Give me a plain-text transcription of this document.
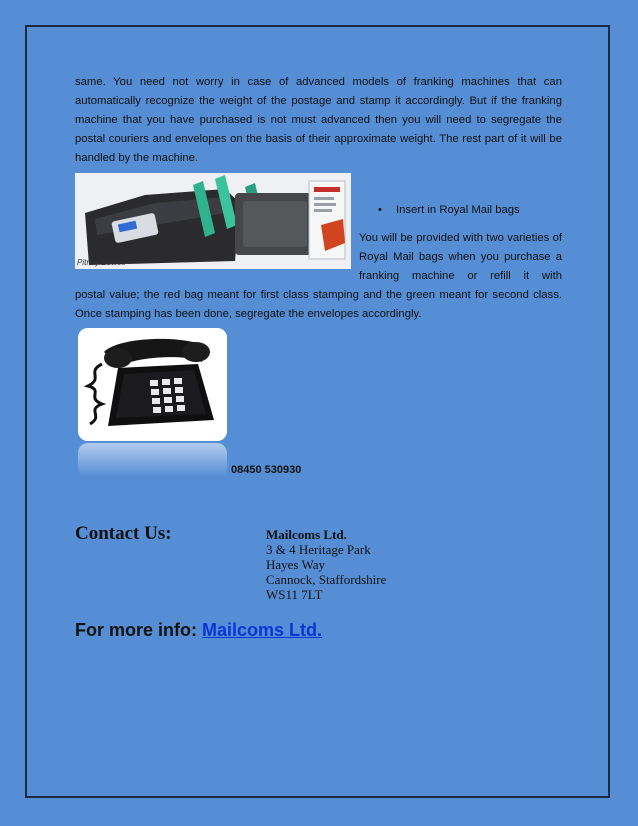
same. You need not worry in case of advanced models of franking machines that can automatically recognize the weight of the postage and stamp it accordingly. But if the franking machine that you have purchased is not must advanced then you will need to segregate the postal couriers and envelopes on the basis of their approximate weight. The rest part of it will be handled by the machine.

Pitney Bowes
• Insert in Royal Mail bags

You will be provided with two varieties of Royal Mail bags when you purchase a franking machine or refill it with

postal value; the red bag meant for first class stamping and the green meant for second class. Once stamping has been done, segregate the envelopes accordingly.

08450 530930
Contact Us:	Mailcoms Ltd.
3 & 4 Heritage Park
Hayes Way
Cannock, Staffordshire
WS11 7LT
For more info: Mailcoms Ltd.
